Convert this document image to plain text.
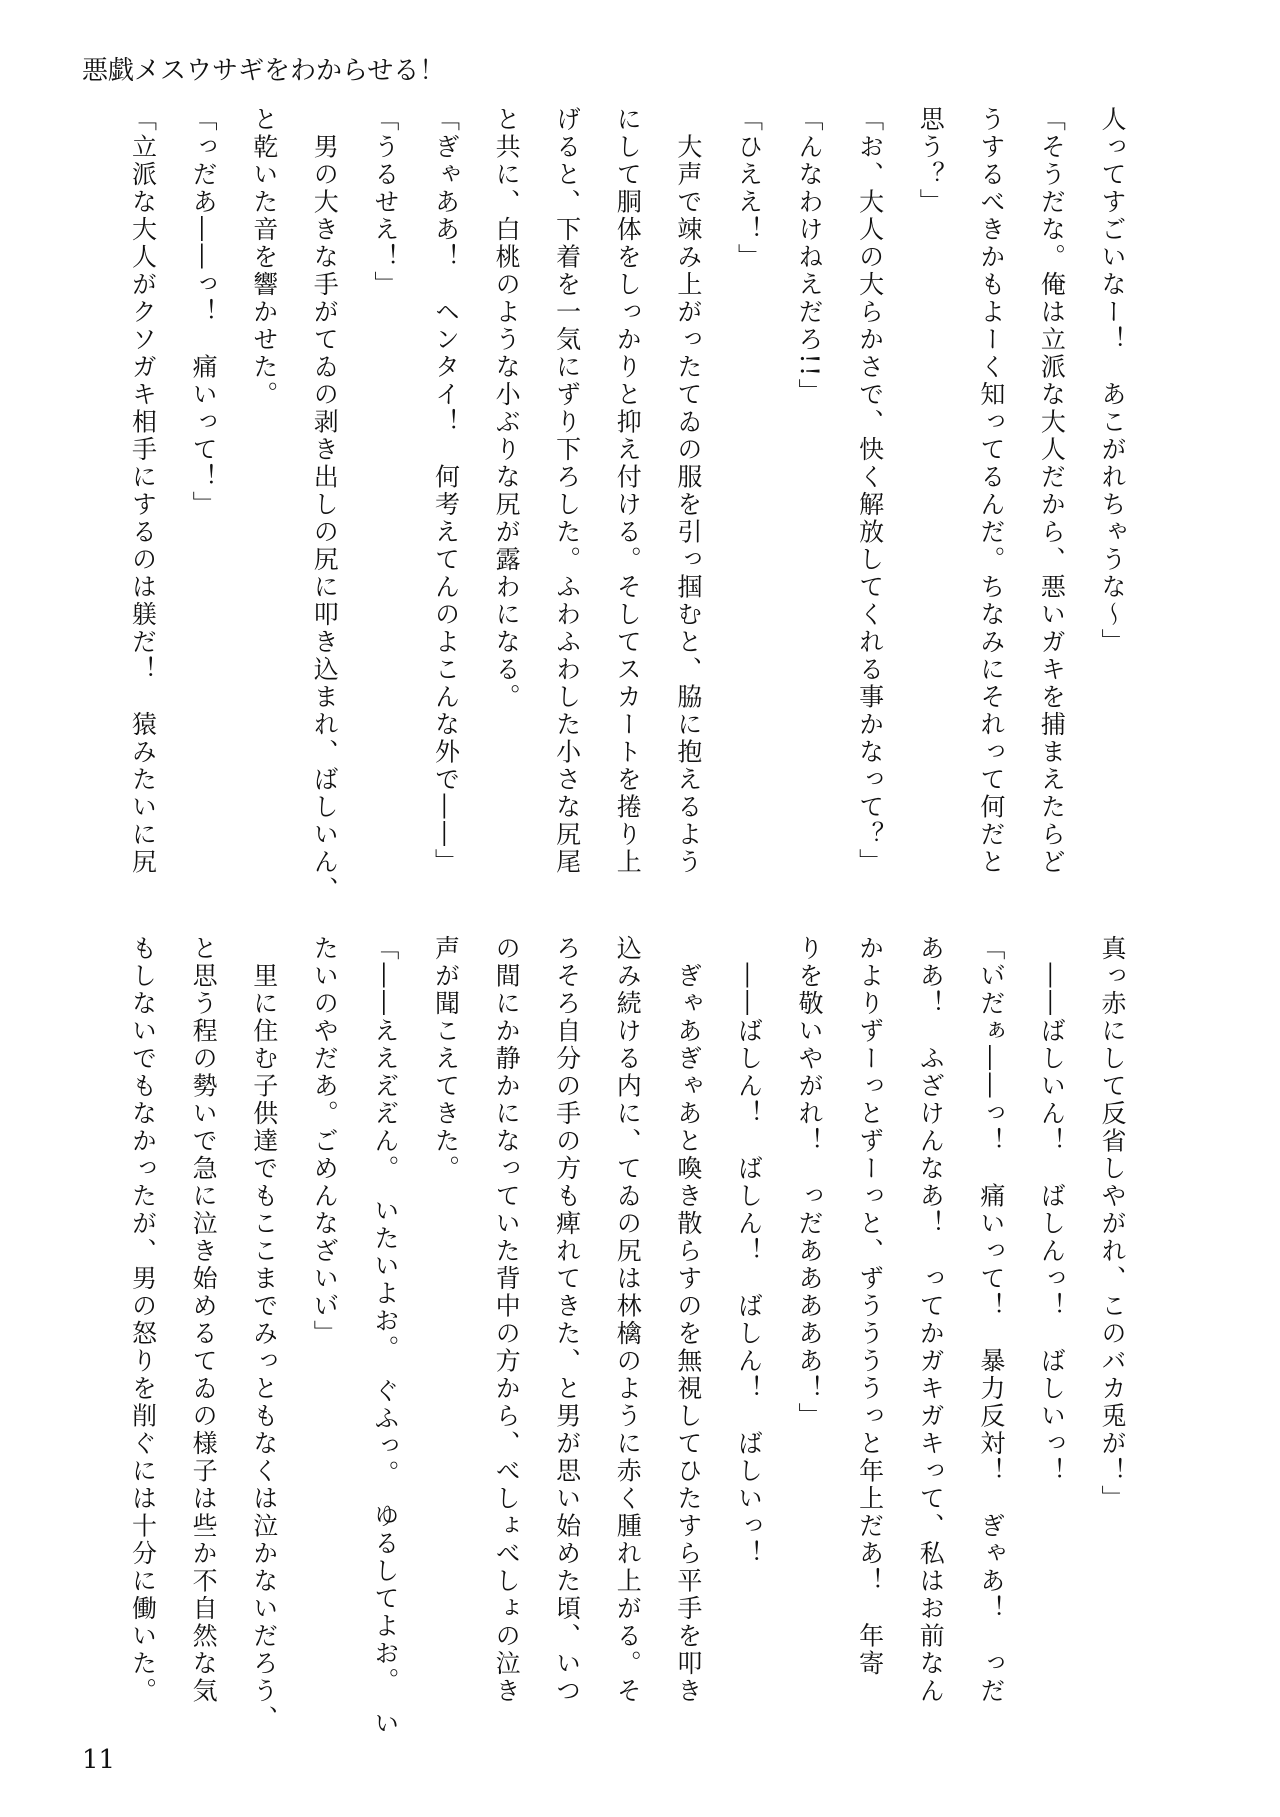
悪戯メスウサギをわからせる！
人ってすごいなー！　あこがれちゃうな〜」
「そうだな。俺は立派な大人だから、悪いガキを捕まえたらど
うするべきかもよーく知ってるんだ。ちなみにそれって何だと
思う？」
「お、大人の大らかさで、快く解放してくれる事かなって？」
「んなわけねえだろ!!」
「ひええ！」
　大声で竦み上がったてゐの服を引っ掴むと、脇に抱えるよう
にして胴体をしっかりと抑え付ける。そしてスカートを捲り上
げると、下着を一気にずり下ろした。ふわふわした小さな尻尾
と共に、白桃のような小ぶりな尻が露わになる。
「ぎゃああ！　ヘンタイ！　何考えてんのよこんな外で――」
「うるせえ！」
　男の大きな手がてゐの剥き出しの尻に叩き込まれ、ばしいん、
と乾いた音を響かせた。
「っだあ――っ！　痛いって！」
「立派な大人がクソガキ相手にするのは躾だ！　猿みたいに尻
真っ赤にして反省しやがれ、このバカ兎が！」
　――ばしいん！　ばしんっ！　ばしいっ！
「い゙だぁ――っ！　痛いって！　暴力反対！　ぎゃあ！　っだ
ああ！　ふざけんなあ！　ってかガキガキって、私はお前なん
かよりずーっとずーっと、ずううううっと年上だあ！　年寄
りを敬いやがれ！　っだあああああ！」
　――ばしん！　ばしん！　ばしん！　ばしいっ！
　ぎゃあぎゃあと喚き散らすのを無視してひたすら平手を叩き
込み続ける内に、てゐの尻は林檎のように赤く腫れ上がる。そ
ろそろ自分の手の方も痺れてきた、と男が思い始めた頃、いつ
の間にか静かになっていた背中の方から、べしょべしょの泣き
声が聞こえてきた。
「――えええ゙え゙ん。　いたいよお。　ぐふっ。　ゆるしてよお。　い
たいのやだあ。ごめんなざいい゙」
　里に住む子供達でもここまでみっともなくは泣かないだろう、
と思う程の勢いで急に泣き始めるてゐの様子は些か不自然な気
もしないでもなかったが、男の怒りを削ぐには十分に働いた。
11
